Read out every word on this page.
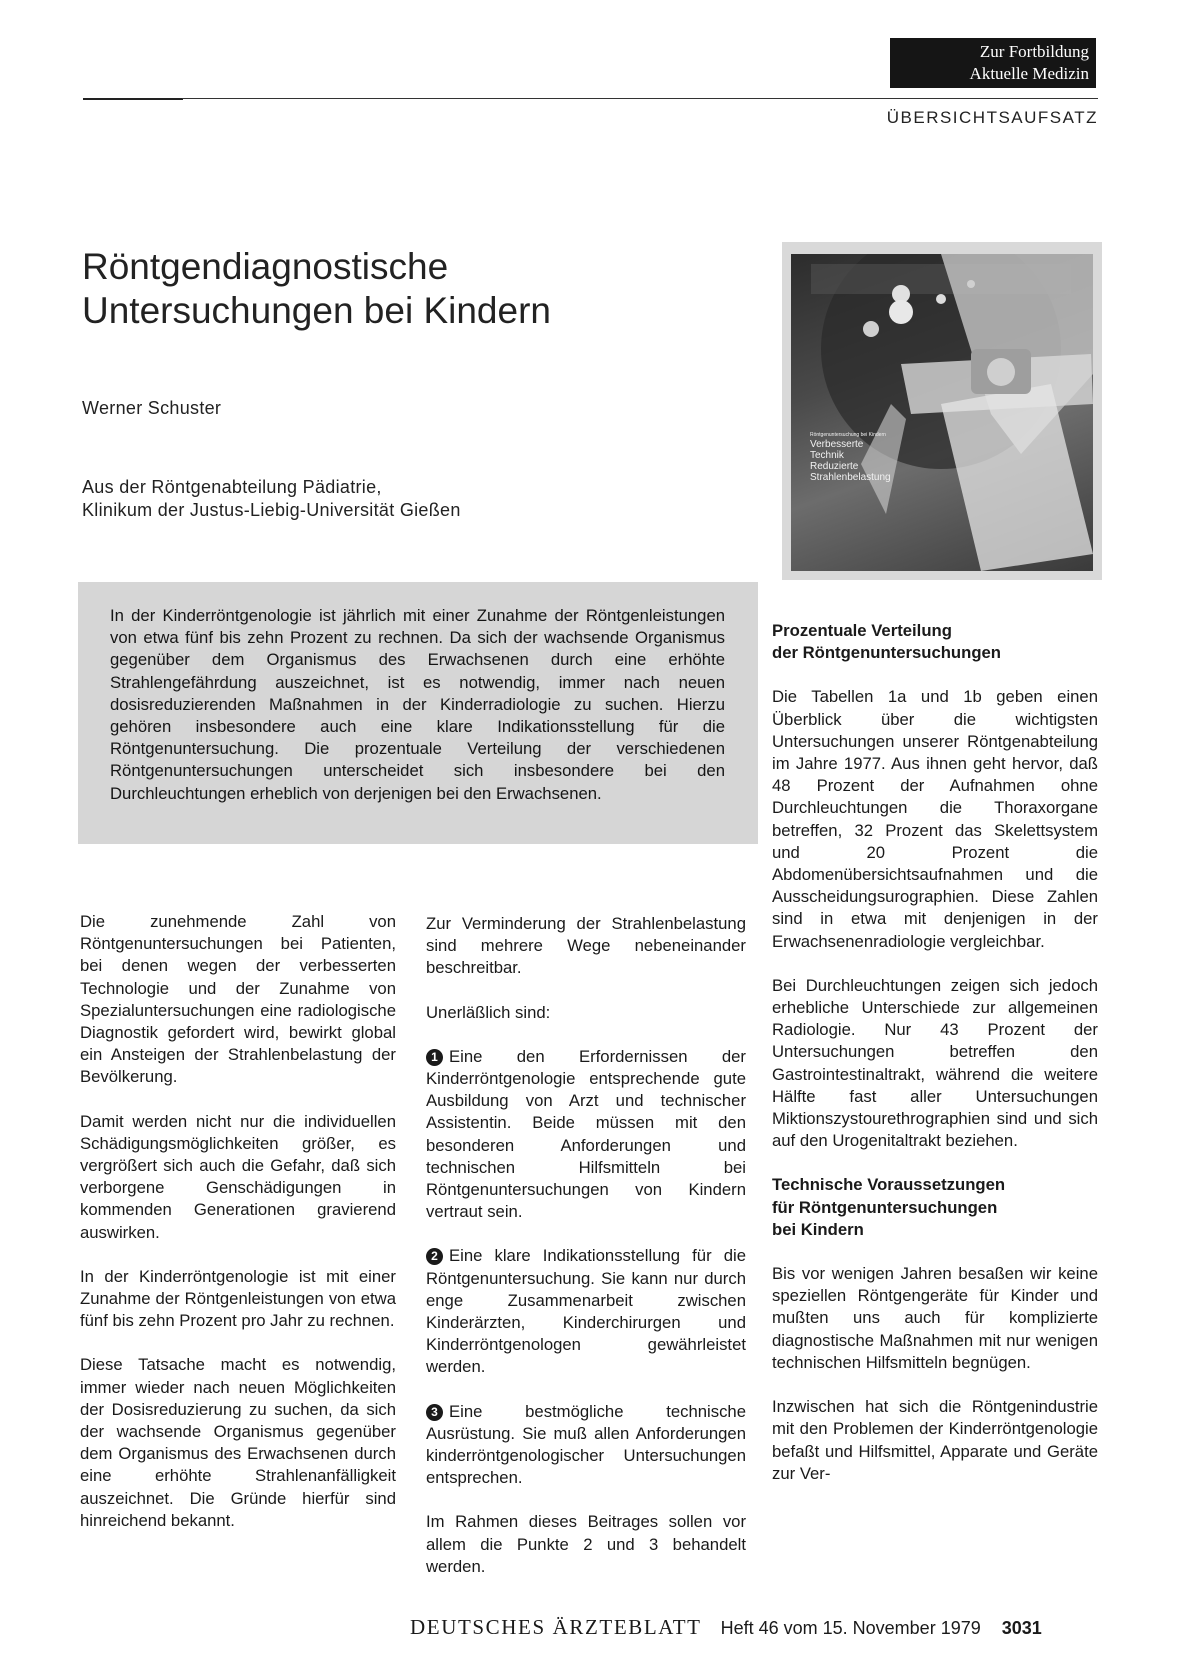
Zur Fortbildung
Aktuelle Medizin
ÜBERSICHTSAUFSATZ
Röntgendiagnostische
Untersuchungen bei Kindern
Werner Schuster
Aus der Röntgenabteilung Pädiatrie,
Klinikum der Justus-Liebig-Universität Gießen
Röntgenuntersuchung bei Kindern
Verbesserte
Technik
Reduzierte
Strahlenbelastung

In der Kinderröntgenologie ist jährlich mit einer Zunahme der Röntgenleistungen von etwa fünf bis zehn Prozent zu rechnen. Da sich der wachsende Organismus gegenüber dem Organismus des Erwachsenen durch eine erhöhte Strahlengefährdung auszeichnet, ist es notwendig, immer nach neuen dosisreduzierenden Maßnahmen in der Kinderradiologie zu suchen. Hierzu gehören insbesondere auch eine klare Indikationsstellung für die Röntgenuntersuchung. Die prozentuale Verteilung der verschiedenen Röntgenuntersuchungen unterscheidet sich insbesondere bei den Durchleuchtungen erheblich von derjenigen bei den Erwachsenen.

Die zunehmende Zahl von Röntgenuntersuchungen bei Patienten, bei denen wegen der verbesserten Technologie und der Zunahme von Spezialuntersuchungen eine radiologische Diagnostik gefordert wird, bewirkt global ein Ansteigen der Strahlenbelastung der Bevölkerung.

Damit werden nicht nur die individuellen Schädigungsmöglichkeiten größer, es vergrößert sich auch die Gefahr, daß sich verborgene Genschädigungen in kommenden Generationen gravierend auswirken.

In der Kinderröntgenologie ist mit einer Zunahme der Röntgenleistungen von etwa fünf bis zehn Prozent pro Jahr zu rechnen.

Diese Tatsache macht es notwendig, immer wieder nach neuen Möglichkeiten der Dosisreduzierung zu suchen, da sich der wachsende Organismus gegenüber dem Organismus des Erwachsenen durch eine erhöhte Strahlenanfälligkeit auszeichnet. Die Gründe hierfür sind hinreichend bekannt.

Zur Verminderung der Strahlenbelastung sind mehrere Wege nebeneinander beschreitbar.

Unerläßlich sind:

1 Eine den Erfordernissen der Kinderröntgenologie entsprechende gute Ausbildung von Arzt und technischer Assistentin. Beide müssen mit den besonderen Anforderungen und technischen Hilfsmitteln bei Röntgenuntersuchungen von Kindern vertraut sein.

2 Eine klare Indikationsstellung für die Röntgenuntersuchung. Sie kann nur durch enge Zusammenarbeit zwischen Kinderärzten, Kinderchirurgen und Kinderröntgenologen gewährleistet werden.

3 Eine bestmögliche technische Ausrüstung. Sie muß allen Anforderungen kinderröntgenologischer Untersuchungen entsprechen.

Im Rahmen dieses Beitrages sollen vor allem die Punkte 2 und 3 behandelt werden.

Prozentuale Verteilung
der Röntgenuntersuchungen

Die Tabellen 1a und 1b geben einen Überblick über die wichtigsten Untersuchungen unserer Röntgenabteilung im Jahre 1977. Aus ihnen geht hervor, daß 48 Prozent der Aufnahmen ohne Durchleuchtungen die Thoraxorgane betreffen, 32 Prozent das Skelettsystem und 20 Prozent die Abdomenübersichtsaufnahmen und die Ausscheidungsurographien. Diese Zahlen sind in etwa mit denjenigen in der Erwachsenenradiologie vergleichbar.

Bei Durchleuchtungen zeigen sich jedoch erhebliche Unterschiede zur allgemeinen Radiologie. Nur 43 Prozent der Untersuchungen betreffen den Gastrointestinaltrakt, während die weitere Hälfte fast aller Untersuchungen Miktionszystourethrographien sind und sich auf den Urogenitaltrakt beziehen.

Technische Voraussetzungen
für Röntgenuntersuchungen
bei Kindern

Bis vor wenigen Jahren besaßen wir keine speziellen Röntgengeräte für Kinder und mußten uns auch für komplizierte diagnostische Maßnahmen mit nur wenigen technischen Hilfsmitteln begnügen.

Inzwischen hat sich die Röntgenindustrie mit den Problemen der Kinderröntgenologie befaßt und Hilfsmittel, Apparate und Geräte zur Ver-

DEUTSCHES ÄRZTEBLATT Heft 46 vom 15. November 1979 3031
